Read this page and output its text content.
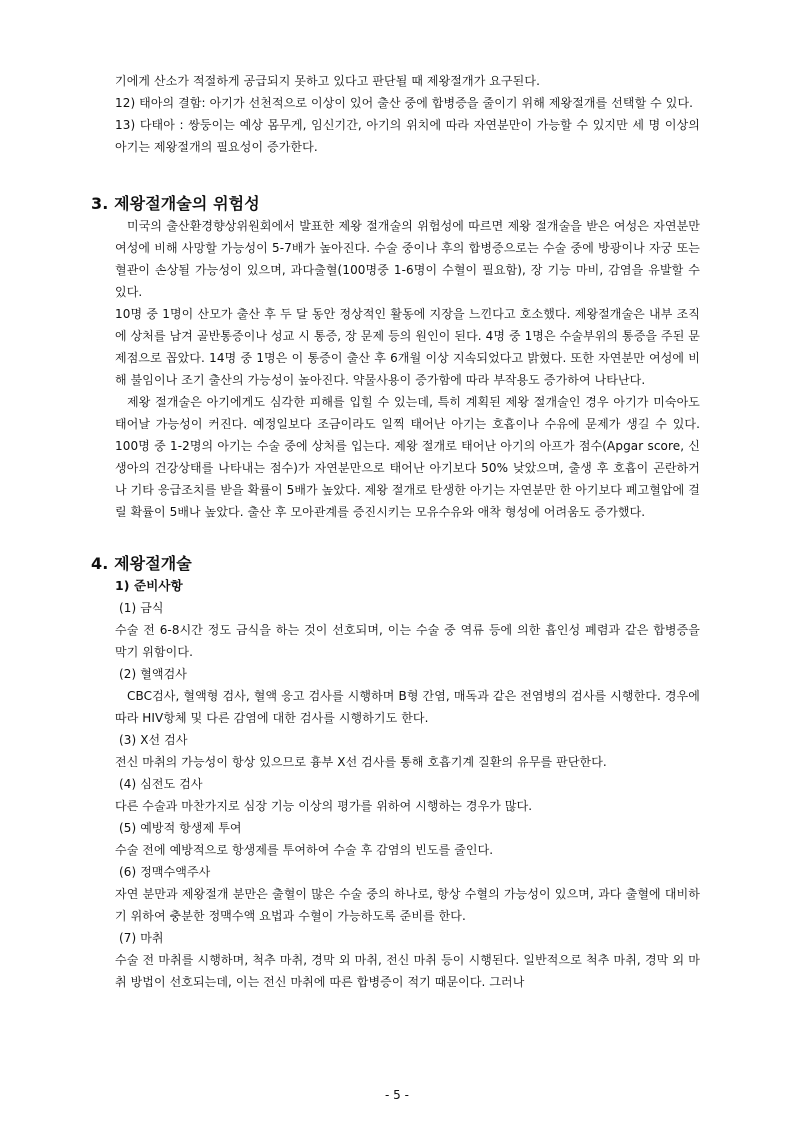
기에게 산소가 적절하게 공급되지 못하고 있다고 판단될 때 제왕절개가 요구된다.

12) 태아의 결함: 아기가 선천적으로 이상이 있어 출산 중에 합병증을 줄이기 위해 제왕절개를 선택할 수 있다.

13) 다태아 : 쌍둥이는 예상 몸무게, 임신기간, 아기의 위치에 따라 자연분만이 가능할 수 있지만 세 명 이상의 아기는 제왕절개의 필요성이 증가한다.

3. 제왕절개술의 위험성

미국의 출산환경향상위원회에서 발표한 제왕 절개술의 위험성에 따르면 제왕 절개술을 받은 여성은 자연분만 여성에 비해 사망할 가능성이 5-7배가 높아진다. 수술 중이나 후의 합병증으로는 수술 중에 방광이나 자궁 또는 혈관이 손상될 가능성이 있으며, 과다출혈(100명중 1-6명이 수혈이 필요함), 장 기능 마비, 감염을 유발할 수 있다.

10명 중 1명이 산모가 출산 후 두 달 동안 정상적인 활동에 지장을 느낀다고 호소했다. 제왕절개술은 내부 조직에 상처를 남겨 골반통증이나 성교 시 통증, 장 문제 등의 원인이 된다. 4명 중 1명은 수술부위의 통증을 주된 문제점으로 꼽았다. 14명 중 1명은 이 통증이 출산 후 6개월 이상 지속되었다고 밝혔다. 또한 자연분만 여성에 비해 불임이나 조기 출산의 가능성이 높아진다. 약물사용이 증가함에 따라 부작용도 증가하여 나타난다.

제왕 절개술은 아기에게도 심각한 피해를 입힐 수 있는데, 특히 계획된 제왕 절개술인 경우 아기가 미숙아도 태어날 가능성이 커진다. 예정일보다 조금이라도 일찍 태어난 아기는 호흡이나 수유에 문제가 생길 수 있다. 100명 중 1-2명의 아기는 수술 중에 상처를 입는다. 제왕 절개로 태어난 아기의 아프가 점수(Apgar score, 신생아의 건강상태를 나타내는 점수)가 자연분만으로 태어난 아기보다 50% 낮았으며, 출생 후 호흡이 곤란하거나 기타 응급조치를 받을 확률이 5배가 높았다. 제왕 절개로 탄생한 아기는 자연분만 한 아기보다 폐고혈압에 걸릴 확률이 5배나 높았다. 출산 후 모아관계를 증진시키는 모유수유와 애착 형성에 어려움도 증가했다.

4. 제왕절개술

1) 준비사항

(1) 금식

수술 전 6-8시간 정도 금식을 하는 것이 선호되며, 이는 수술 중 역류 등에 의한 흡인성 폐렴과 같은 합병증을 막기 위함이다.

(2) 혈액검사

CBC검사, 혈액형 검사, 혈액 응고 검사를 시행하며 B형 간염, 매독과 같은 전염병의 검사를 시행한다. 경우에 따라 HIV항체 및 다른 감염에 대한 검사를 시행하기도 한다.

(3) X선 검사

전신 마취의 가능성이 항상 있으므로 흉부 X선 검사를 통해 호흡기계 질환의 유무를 판단한다.

(4) 심전도 검사

다른 수술과 마찬가지로 심장 기능 이상의 평가를 위하여 시행하는 경우가 많다.

(5) 예방적 항생제 투여

수술 전에 예방적으로 항생제를 투여하여 수술 후 감염의 빈도를 줄인다.

(6) 정맥수액주사

자연 분만과 제왕절개 분만은 출혈이 많은 수술 중의 하나로, 항상 수혈의 가능성이 있으며, 과다 출혈에 대비하기 위하여 충분한 정맥수액 요법과 수혈이 가능하도록 준비를 한다.

(7) 마취

수술 전 마취를 시행하며, 척추 마취, 경막 외 마취, 전신 마취 등이 시행된다. 일반적으로 척추 마취, 경막 외 마취 방법이 선호되는데, 이는 전신 마취에 따른 합병증이 적기 때문이다. 그러나

- 5 -
